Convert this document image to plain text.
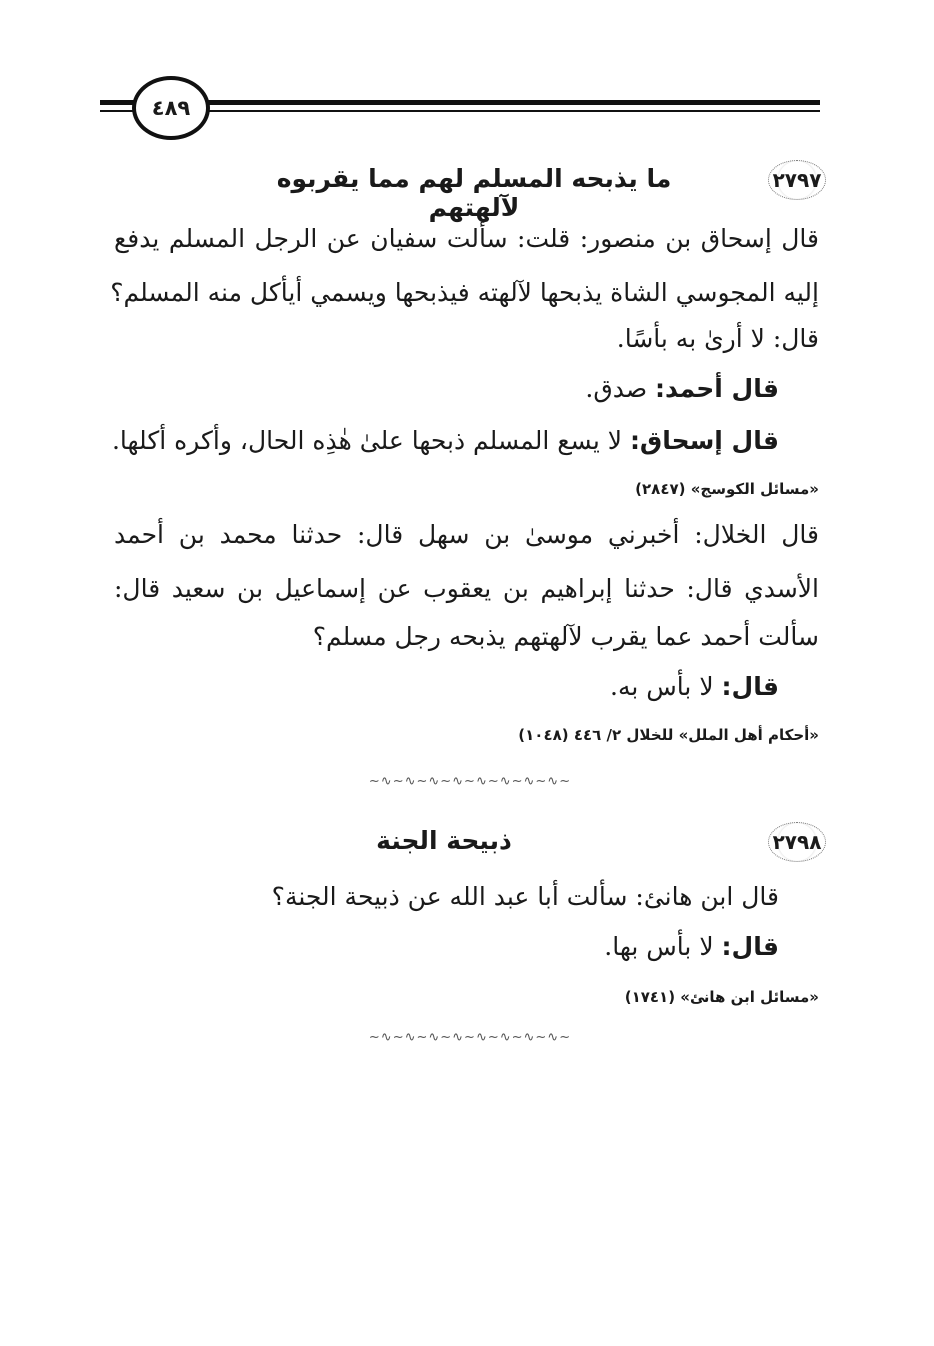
٤٨٩
٢٧٩٧
ما يذبحه المسلم لهم مما يقربوه لآلهتهم
قال إسحاق بن منصور: قلت: سألت سفيان عن الرجل المسلم يدفع
إليه المجوسي الشاة يذبحها لآلهته فيذبحها ويسمي أيأكل منه المسلم؟
قال: لا أرىٰ به بأسًا.
قال أحمد: صدق.
قال إسحاق: لا يسع المسلم ذبحها علىٰ هٰذِه الحال، وأكره أكلها.
«مسائل الكوسج» (٢٨٤٧)
قال الخلال: أخبرني موسىٰ بن سهل قال: حدثنا محمد بن أحمد
الأسدي قال: حدثنا إبراهيم بن يعقوب عن إسماعيل بن سعيد قال:
سألت أحمد عما يقرب لآلهتهم يذبحه رجل مسلم؟
قال: لا بأس به.
«أحكام أهل الملل» للخلال ٢/ ٤٤٦ (١٠٤٨)
~∿~∿~∿~∿~∿~∿~∿~∿~
٢٧٩٨
ذبيحة الجنة
قال ابن هانئ: سألت أبا عبد الله عن ذبيحة الجنة؟
قال: لا بأس بها.
«مسائل ابن هانئ» (١٧٤١)
~∿~∿~∿~∿~∿~∿~∿~∿~
